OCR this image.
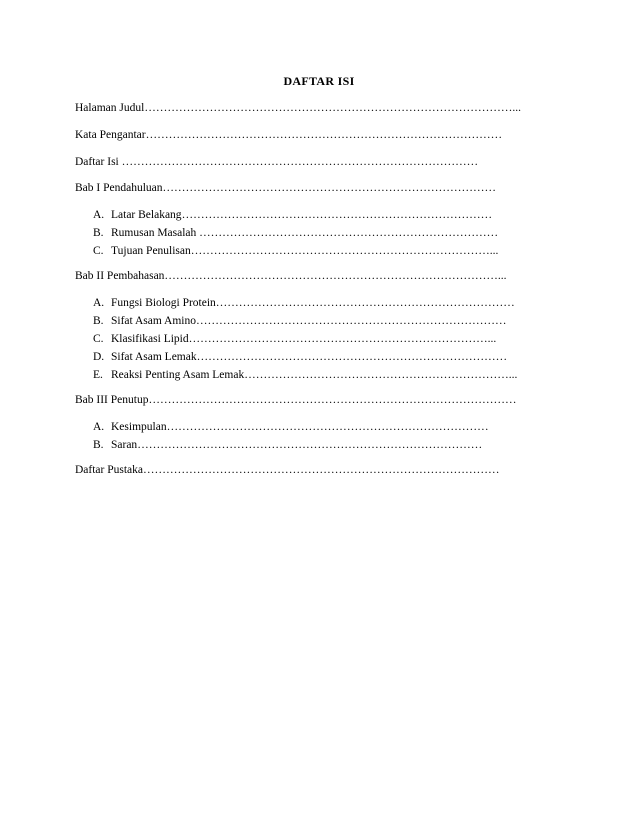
DAFTAR ISI
Halaman Judul……………………………………………………………………………………...
Kata Pengantar…………………………………………………………………………………
Daftar Isi …………………………………………………………………………………
Bab I Pendahuluan……………………………………………………………………………
A. Latar Belakang………………………………………………………………………
B. Rumusan Masalah ……………………………………………………………………
C. Tujuan Penulisan……………………………………………………………………...
Bab II Pembahasan……………………………………………………………………………...
A. Fungsi Biologi Protein……………………………………………………………………
B. Sifat Asam Amino………………………………………………………………………
C. Klasifikasi Lipid……………………………………………………………………...
D. Sifat Asam Lemak………………………………………………………………………
E. Reaksi Penting Asam Lemak……………………………………………………………...
Bab III Penutup……………………………………………………………………………………
A. Kesimpulan…………………………………………………………………………
B. Saran………………………………………………………………………………
Daftar Pustaka…………………………………………………………………………………
